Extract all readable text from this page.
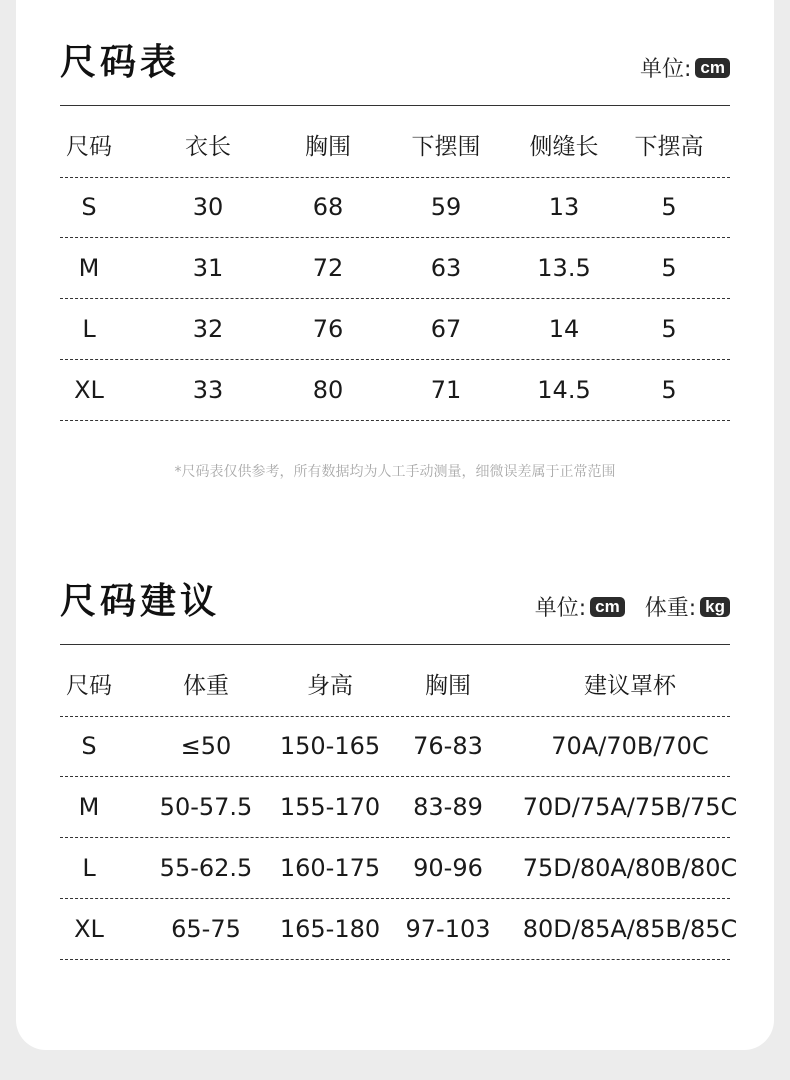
尺码表	单位: cm
尺码	衣长	胸围	下摆围 侧缝长 下摆高
S	30	68	59	13	5
M	31	72	63	13.5	5
L	32	76	67	14	5
XL	33	80	71	14.5	5
*尺码表仅供参考，所有数据均为人工手动测量，细微误差属于正常范围
尺码建议	单位: cm 体重: kg
尺码	体重	身高	胸围	建议罩杯
S	≤50 150-165 76-83	70A/70B/70C
M	50-57.5 155-170 83-89 70D/75A/75B/75C
L	55-62.5 160-175 90-96 75D/80A/80B/80C
XL	65-75 165-180 97-103 80D/85A/85B/85C
